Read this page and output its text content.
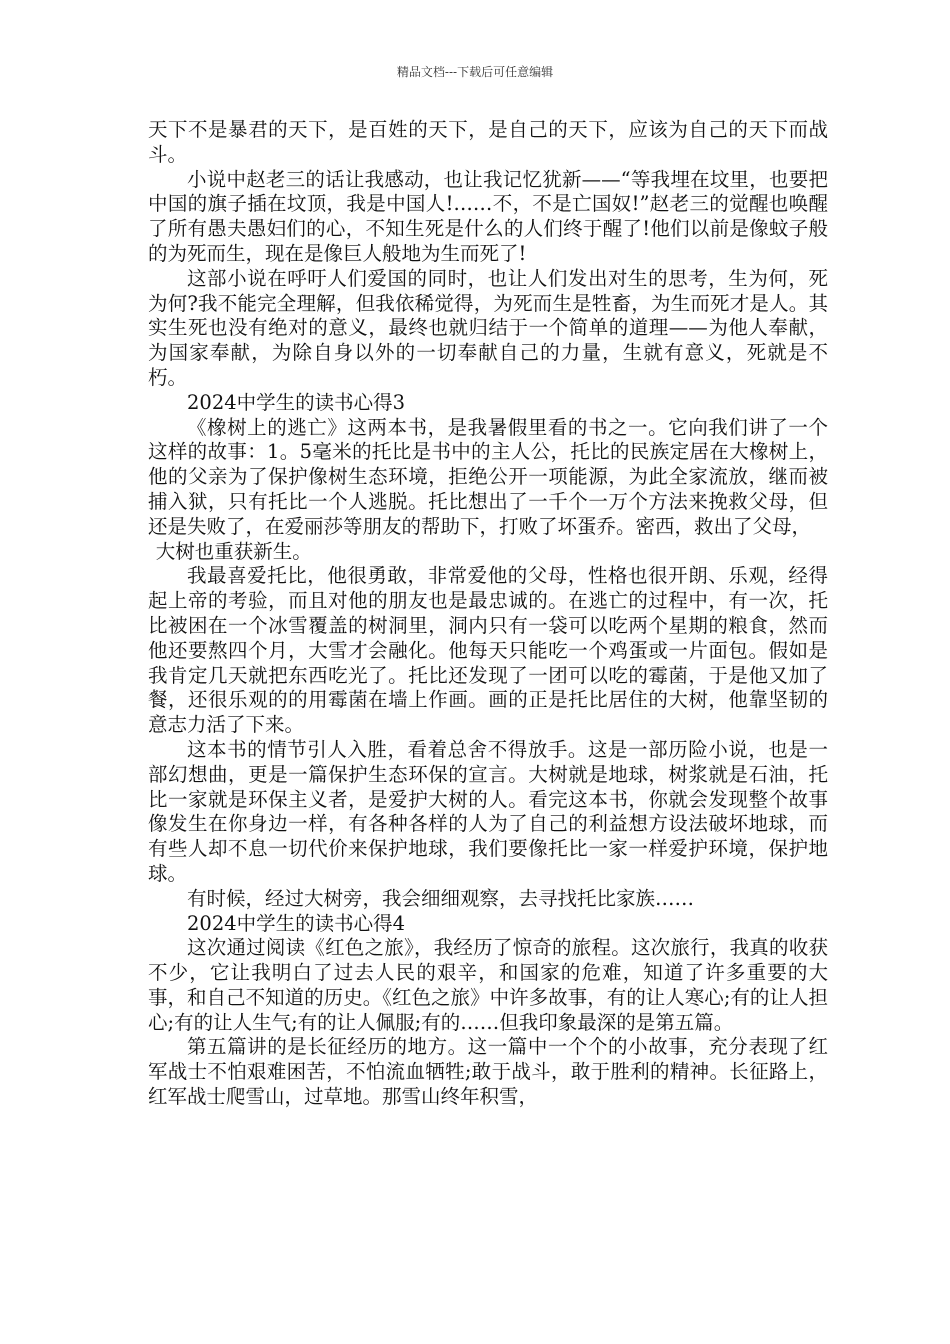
精品文档---下载后可任意编辑

天下不是暴君的天下，是百姓的天下，是自己的天下，应该为自己的天下而战斗。

小说中赵老三的话让我感动，也让我记忆犹新——“等我埋在坟里，也要把中国的旗子插在坟顶，我是中国人!……不，不是亡国奴!”赵老三的觉醒也唤醒了所有愚夫愚妇们的心，不知生死是什么的人们终于醒了!他们以前是像蚊子般的为死而生，现在是像巨人般地为生而死了!

这部小说在呼吁人们爱国的同时，也让人们发出对生的思考，生为何，死为何?我不能完全理解，但我依稀觉得，为死而生是牲畜，为生而死才是人。其实生死也没有绝对的意义，最终也就归结于一个简单的道理——为他人奉献，为国家奉献，为除自身以外的一切奉献自己的力量，生就有意义，死就是不朽。

2024中学生的读书心得3

《橡树上的逃亡》这两本书，是我暑假里看的书之一。它向我们讲了一个这样的故事：1。5毫米的托比是书中的主人公，托比的民族定居在大橡树上，他的父亲为了保护像树生态环境，拒绝公开一项能源，为此全家流放，继而被捕入狱，只有托比一个人逃脱。托比想出了一千个一万个方法来挽救父母，但还是失败了，在爱丽莎等朋友的帮助下，打败了坏蛋乔。密西，救出了父母，

大树也重获新生。

我最喜爱托比，他很勇敢，非常爱他的父母，性格也很开朗、乐观，经得起上帝的考验，而且对他的朋友也是最忠诚的。在逃亡的过程中，有一次，托比被困在一个冰雪覆盖的树洞里，洞内只有一袋可以吃两个星期的粮食，然而他还要熬四个月，大雪才会融化。他每天只能吃一个鸡蛋或一片面包。假如是我肯定几天就把东西吃光了。托比还发现了一团可以吃的霉菌，于是他又加了餐，还很乐观的的用霉菌在墙上作画。画的正是托比居住的大树，他靠坚韧的意志力活了下来。

这本书的情节引人入胜，看着总舍不得放手。这是一部历险小说，也是一部幻想曲，更是一篇保护生态环保的宣言。大树就是地球，树浆就是石油，托比一家就是环保主义者，是爱护大树的人。看完这本书，你就会发现整个故事像发生在你身边一样，有各种各样的人为了自己的利益想方设法破坏地球，而有些人却不息一切代价来保护地球，我们要像托比一家一样爱护环境，保护地球。

有时候，经过大树旁，我会细细观察，去寻找托比家族……

2024中学生的读书心得4

这次通过阅读《红色之旅》，我经历了惊奇的旅程。这次旅行，我真的收获不少，它让我明白了过去人民的艰辛，和国家的危难，知道了许多重要的大事，和自己不知道的历史。《红色之旅》中许多故事，有的让人寒心;有的让人担心;有的让人生气;有的让人佩服;有的……但我印象最深的是第五篇。

第五篇讲的是长征经历的地方。这一篇中一个个的小故事，充分表现了红军战士不怕艰难困苦，不怕流血牺牲;敢于战斗，敢于胜利的精神。长征路上，红军战士爬雪山，过草地。那雪山终年积雪，
